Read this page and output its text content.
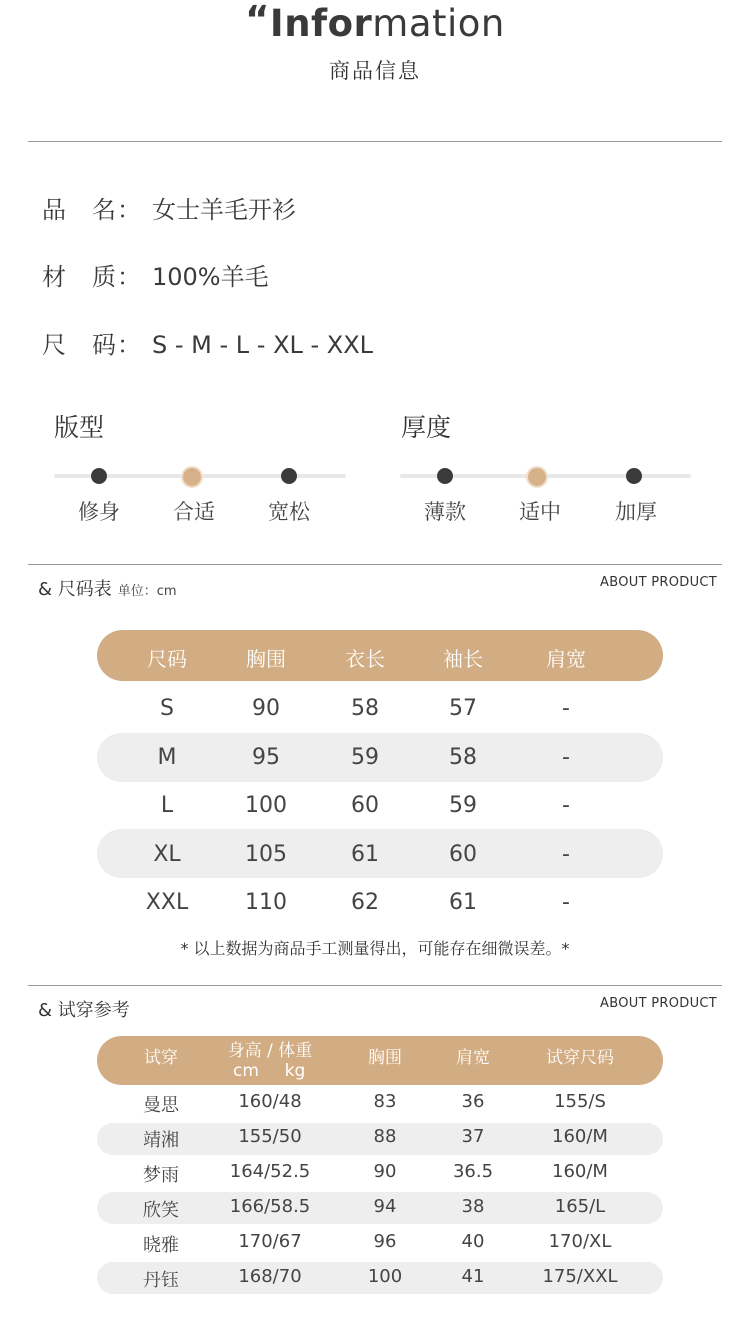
“Information
商品信息
品　名： 女士羊毛开衫
材　质： 100%羊毛
尺　码： S - M - L - XL - XXL
版型
修身	合适	宽松
厚度
薄款	适中	加厚
& 尺码表 单位：cm
ABOUT PRODUCT
尺码	胸围	衣长	袖长	肩宽
S	90	58	57	-
M	95	59	58	-
L	100	60	59	-
XL	105	61	60	-
XXL	110	62	61	-
* 以上数据为商品手工测量得出，可能存在细微误差。*
& 试穿参考	ABOUT PRODUCT
试穿	身高 / 体重	胸围	肩宽	试穿尺码
cm	kg
曼思	160/48	83	36	155/S
靖湘	155/50	88	37	160/M
梦雨	164/52.5	90	36.5	160/M
欣笑	166/58.5	94	38	165/L
晓雅	170/67	96	40	170/XL
丹钰	168/70	100	41	175/XXL
